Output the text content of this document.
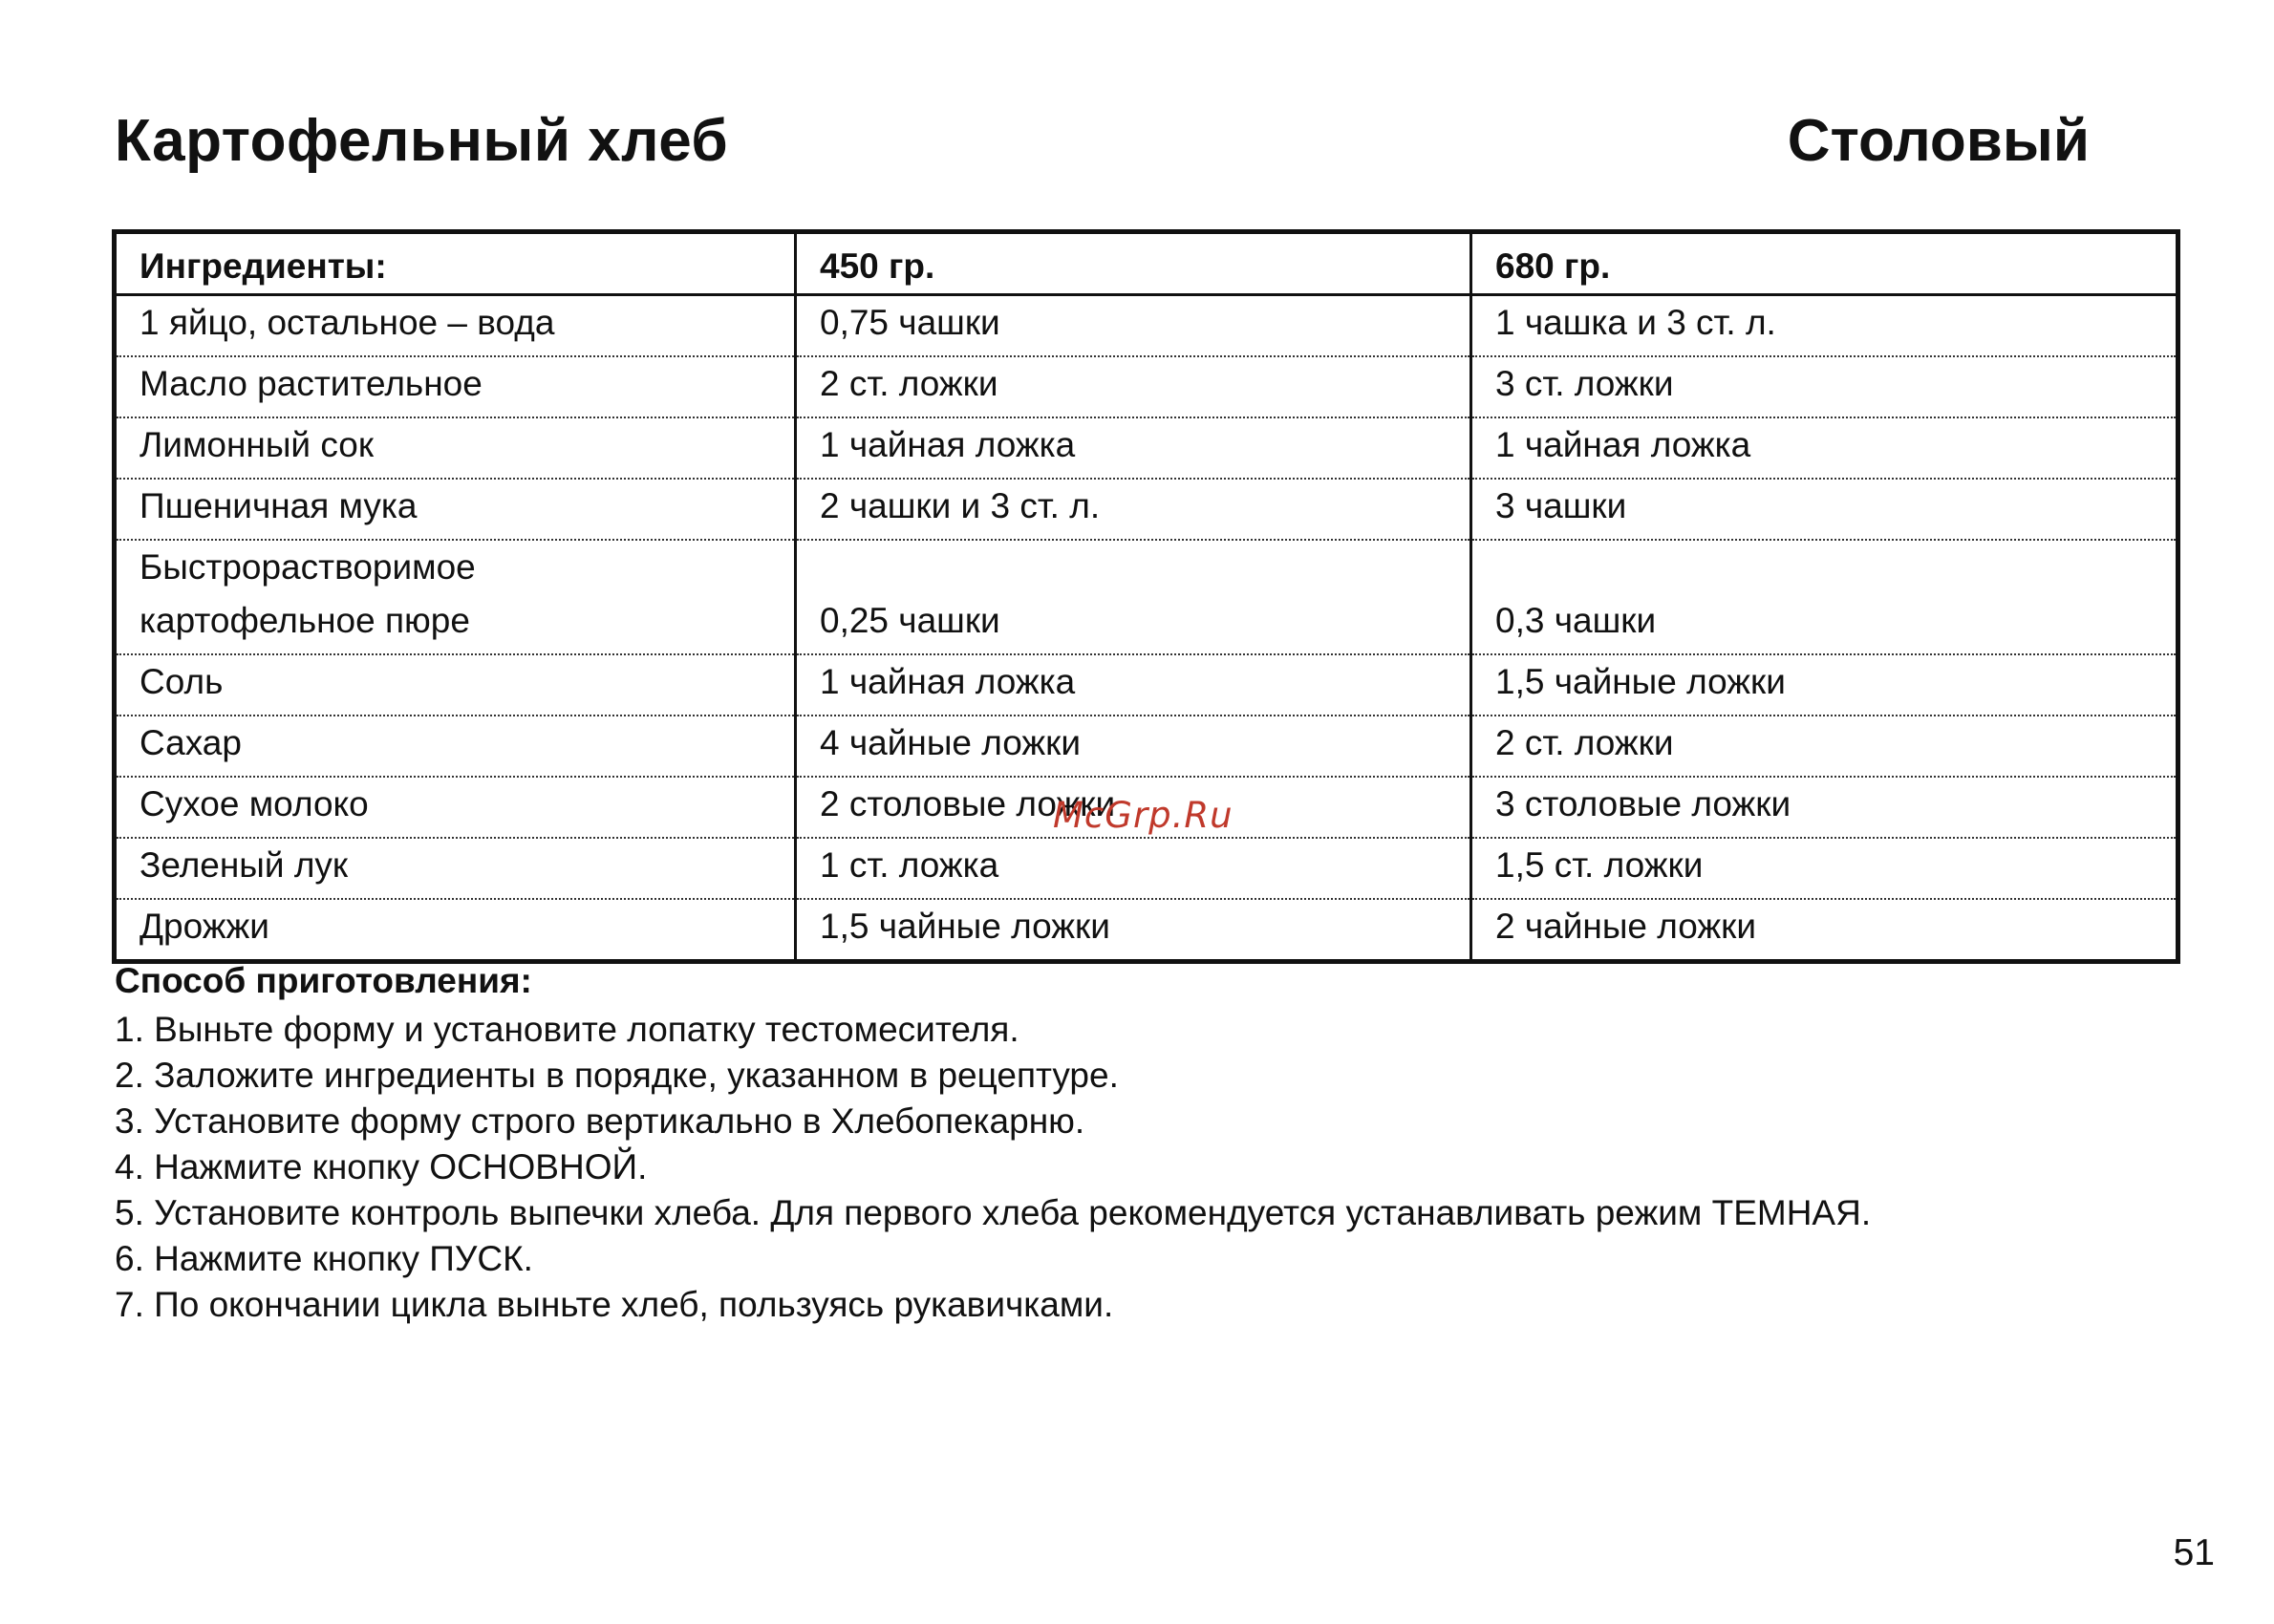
Картофельный хлеб	Столовый
Ингредиенты:	450 гр.	680 гр.

1 яйцо, остальное – вода	0,75 чашки	1 чашка и 3 ст. л.

Масло растительное	2 ст. ложки	3 ст. ложки

Лимонный сок	1 чайная ложка	1 чайная ложка

Пшеничная мука	2 чашки и 3 ст. л.	3 чашки

Быстрорастворимое
картофельное пюре	0,25 чашки	0,3 чашки

Соль	1 чайная ложка	1,5 чайные ложки

Сахар	4 чайные ложки	2 ст. ложки

Сухое молоко	2 столовые ложки	3 столовые ложки

Зеленый лук	1 ст. ложка	1,5 ст. ложки

Дрожжи	1,5 чайные ложки	2 чайные ложки
McGrp.Ru
Способ приготовления:
1. Выньте форму и установите лопатку тестомесителя.
2. Заложите ингредиенты в порядке, указанном в рецептуре.
3. Установите форму строго вертикально в Хлебопекарню.
4. Нажмите кнопку ОСНОВНОЙ.
5. Установите контроль выпечки хлеба. Для первого хлеба рекомендуется устанавливать режим ТЕМНАЯ.
6. Нажмите кнопку ПУСК.
7. По окончании цикла выньте хлеб, пользуясь рукавичками.
51
